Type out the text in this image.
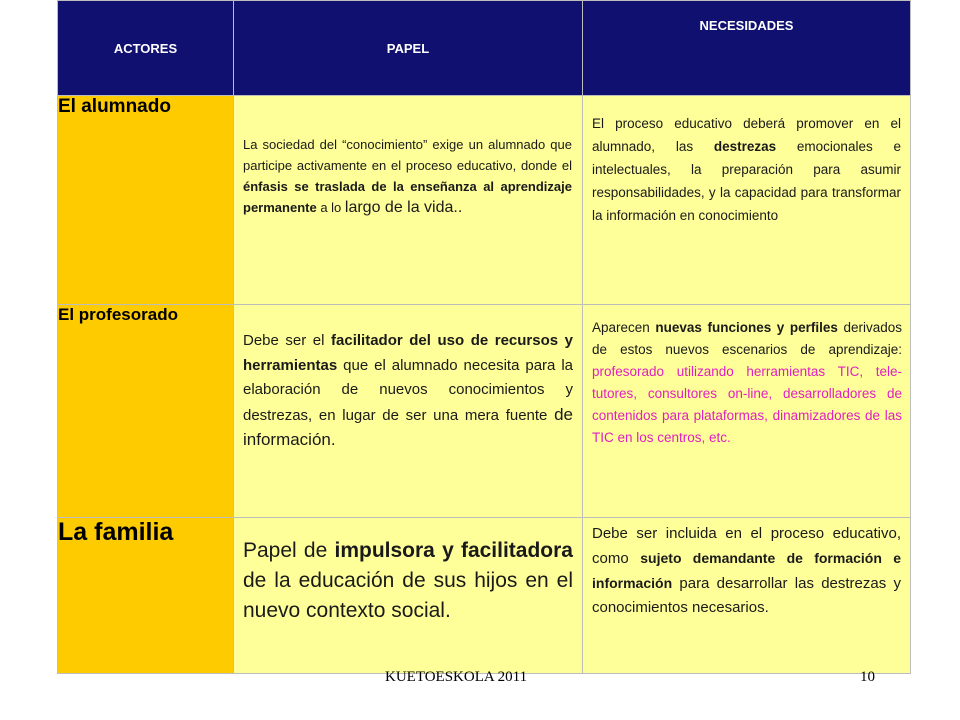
ACTORES	PAPEL	NECESIDADES
El alumnado	La sociedad del “conocimiento” exige un alumnado que participe activamente en el proceso educativo, donde el énfasis se traslada de la enseñanza al aprendizaje permanente a lo largo de la vida..	El proceso educativo deberá promover en el alumnado, las destrezas emocionales e intelectuales, la preparación para asumir responsabilidades, y la capacidad para transformar la información en conocimiento

El profesorado	Debe ser el facilitador del uso de recursos y herramientas que el alumnado necesita para la elaboración de nuevos conocimientos y destrezas, en lugar de ser una mera fuente de información.	Aparecen nuevas funciones y perfiles derivados de estos nuevos escenarios de aprendizaje: profesorado utilizando herramientas TIC, tele-tutores, consultores on-line, desarrolladores de contenidos para plataformas, dinamizadores de las TIC en los centros, etc.

La familia	Papel de impulsora y facilitadora de la educación de sus hijos en el nuevo contexto social.	Debe ser incluida en el proceso educativo, como sujeto demandante de formación e información para desarrollar las destrezas y conocimientos necesarios.

KUETOESKOLA 2011	10
